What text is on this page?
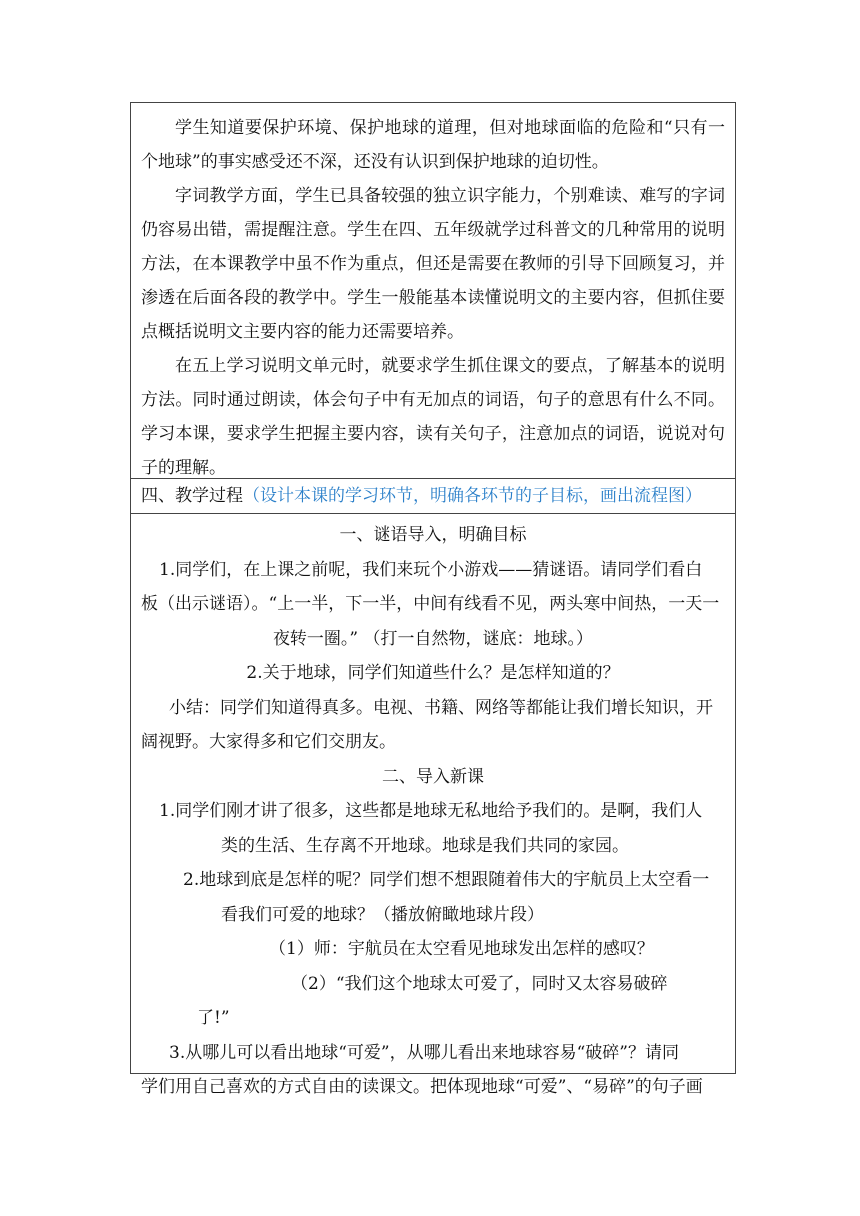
学生知道要保护环境、保护地球的道理，但对地球面临的危险和“只有一个地球”的事实感受还不深，还没有认识到保护地球的迫切性。

字词教学方面，学生已具备较强的独立识字能力，个别难读、难写的字词仍容易出错，需提醒注意。学生在四、五年级就学过科普文的几种常用的说明方法，在本课教学中虽不作为重点，但还是需要在教师的引导下回顾复习，并渗透在后面各段的教学中。学生一般能基本读懂说明文的主要内容，但抓住要点概括说明文主要内容的能力还需要培养。

在五上学习说明文单元时，就要求学生抓住课文的要点，了解基本的说明方法。同时通过朗读，体会句子中有无加点的词语，句子的意思有什么不同。学习本课，要求学生把握主要内容，读有关句子，注意加点的词语，说说对句子的理解。

四、教学过程（设计本课的学习环节，明确各环节的子目标，画出流程图）
一、谜语导入，明确目标
1.同学们，在上课之前呢，我们来玩个小游戏——猜谜语。请同学们看白
板（出示谜语）。“上一半，下一半，中间有线看不见，两头寒中间热，一天一
夜转一圈。” （打一自然物，谜底：地球。）
2.关于地球，同学们知道些什么？是怎样知道的？
小结：同学们知道得真多。电视、书籍、网络等都能让我们增长知识，开
阔视野。大家得多和它们交朋友。
二、导入新课
1.同学们刚才讲了很多，这些都是地球无私地给予我们的。是啊，我们人
类的生活、生存离不开地球。地球是我们共同的家园。
2.地球到底是怎样的呢？同学们想不想跟随着伟大的宇航员上太空看一
看我们可爱的地球？（播放俯瞰地球片段）
（1）师：宇航员在太空看见地球发出怎样的感叹？
（2）“我们这个地球太可爱了，同时又太容易破碎
了!”
3.从哪儿可以看出地球“可爱”，从哪儿看出来地球容易“破碎”？请同
学们用自己喜欢的方式自由的读课文。把体现地球“可爱”、“易碎”的句子画
